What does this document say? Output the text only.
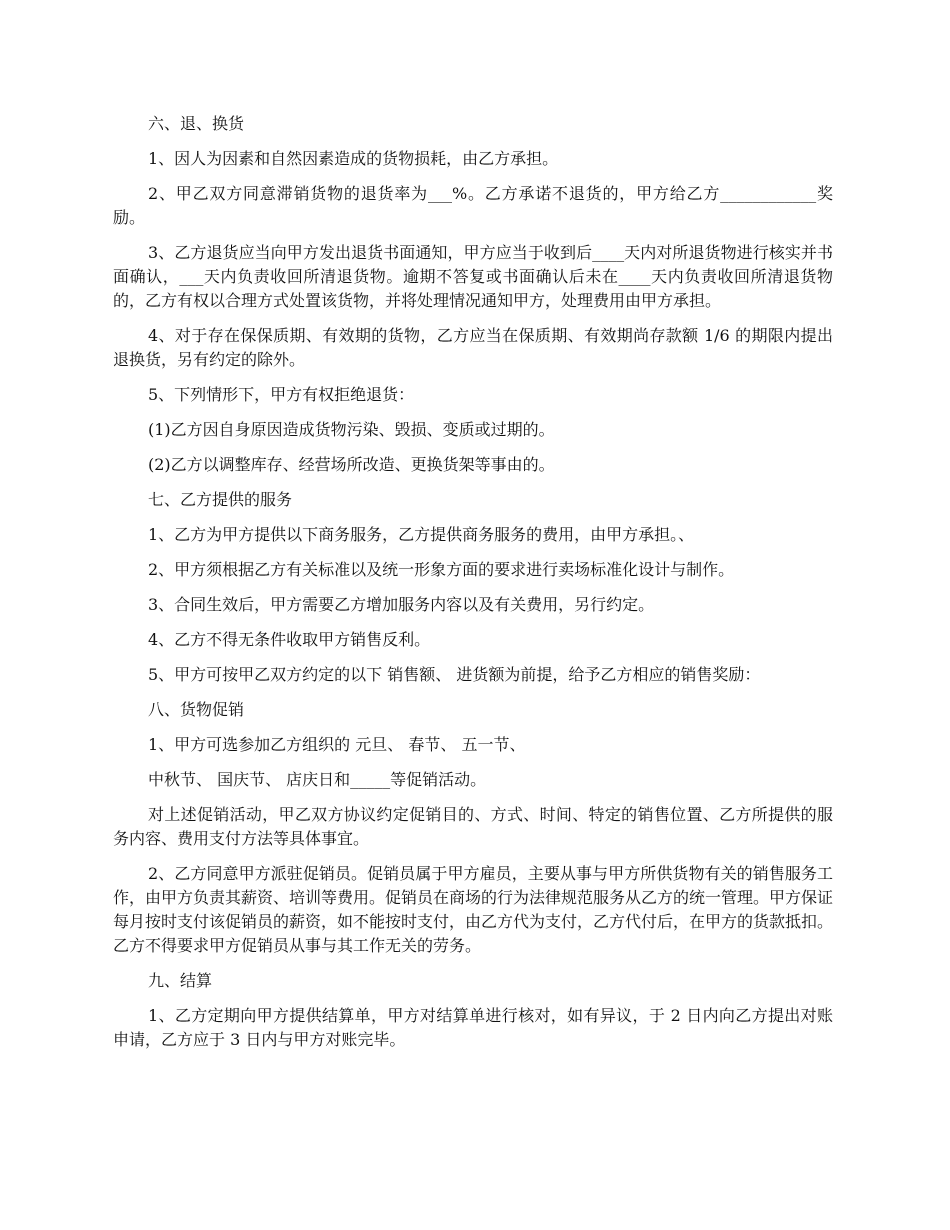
六、退、换货

1、因人为因素和自然因素造成的货物损耗，由乙方承担。

2、甲乙双方同意滞销货物的退货率为___%。乙方承诺不退货的，甲方给乙方____________奖励。

3、乙方退货应当向甲方发出退货书面通知，甲方应当于收到后____天内对所退货物进行核实并书面确认，___天内负责收回所清退货物。逾期不答复或书面确认后未在____天内负责收回所清退货物的，乙方有权以合理方式处置该货物，并将处理情况通知甲方，处理费用由甲方承担。

4、对于存在保保质期、有效期的货物，乙方应当在保质期、有效期尚存款额 1/6 的期限内提出退换货，另有约定的除外。

5、下列情形下，甲方有权拒绝退货：

(1)乙方因自身原因造成货物污染、毁损、变质或过期的。

(2)乙方以调整库存、经营场所改造、更换货架等事由的。

七、乙方提供的服务

1、乙方为甲方提供以下商务服务，乙方提供商务服务的费用，由甲方承担。、

2、甲方须根据乙方有关标准以及统一形象方面的要求进行卖场标准化设计与制作。

3、合同生效后，甲方需要乙方增加服务内容以及有关费用，另行约定。

4、乙方不得无条件收取甲方销售反利。

5、甲方可按甲乙双方约定的以下 销售额、 进货额为前提，给予乙方相应的销售奖励：

八、货物促销

1、甲方可选参加乙方组织的 元旦、 春节、 五一节、

中秋节、 国庆节、 店庆日和_____等促销活动。

对上述促销活动，甲乙双方协议约定促销目的、方式、时间、特定的销售位置、乙方所提供的服务内容、费用支付方法等具体事宜。

2、乙方同意甲方派驻促销员。促销员属于甲方雇员，主要从事与甲方所供货物有关的销售服务工作，由甲方负责其薪资、培训等费用。促销员在商场的行为法律规范服务从乙方的统一管理。甲方保证每月按时支付该促销员的薪资，如不能按时支付，由乙方代为支付，乙方代付后，在甲方的货款抵扣。乙方不得要求甲方促销员从事与其工作无关的劳务。

九、结算

1、乙方定期向甲方提供结算单，甲方对结算单进行核对，如有异议，于 2 日内向乙方提出对账申请，乙方应于 3 日内与甲方对账完毕。
